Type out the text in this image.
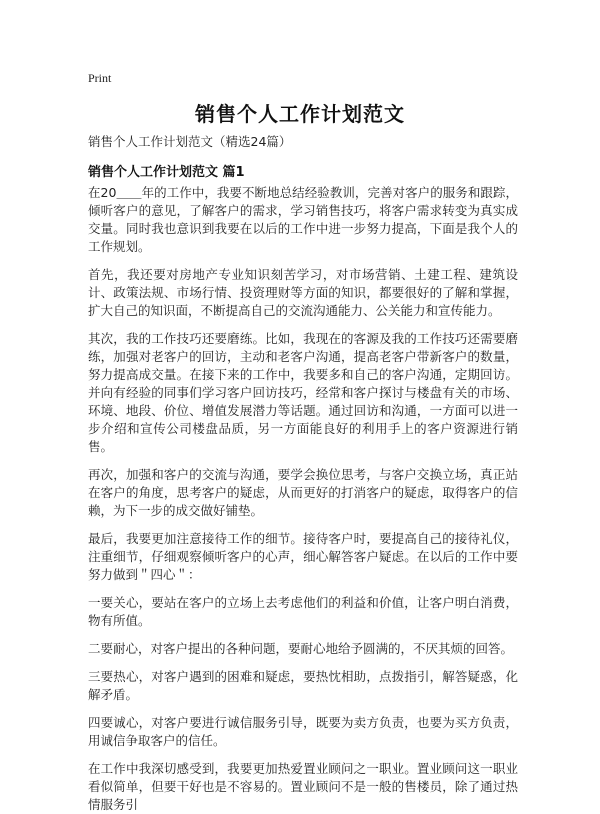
Print
销售个人工作计划范文
销售个人工作计划范文（精选24篇）
销售个人工作计划范文 篇1

在20＿＿年的工作中，我要不断地总结经验教训，完善对客户的服务和跟踪，倾听客户的意见，了解客户的需求，学习销售技巧，将客户需求转变为真实成交量。同时我也意识到我要在以后的工作中进一步努力提高，下面是我个人的工作规划。

首先，我还要对房地产专业知识刻苦学习，对市场营销、土建工程、建筑设计、政策法规、市场行情、投资理财等方面的知识，都要很好的了解和掌握，扩大自己的知识面，不断提高自己的交流沟通能力、公关能力和宣传能力。

其次，我的工作技巧还要磨练。比如，我现在的客源及我的工作技巧还需要磨练，加强对老客户的回访，主动和老客户沟通，提高老客户带新客户的数量，努力提高成交量。在接下来的工作中，我要多和自己的客户沟通，定期回访。并向有经验的同事们学习客户回访技巧，经常和客户探讨与楼盘有关的市场、环境、地段、价位、增值发展潜力等话题。通过回访和沟通，一方面可以进一步介绍和宣传公司楼盘品质，另一方面能良好的利用手上的客户资源进行销售。

再次，加强和客户的交流与沟通，要学会换位思考，与客户交换立场，真正站在客户的角度，思考客户的疑虑，从而更好的打消客户的疑虑，取得客户的信赖，为下一步的成交做好铺垫。

最后，我要更加注意接待工作的细节。接待客户时，要提高自己的接待礼仪，注重细节，仔细观察倾听客户的心声，细心解答客户疑虑。在以后的工作中要努力做到＂四心＂：

一要关心，要站在客户的立场上去考虑他们的利益和价值，让客户明白消费，物有所值。

二要耐心，对客户提出的各种问题，要耐心地给予圆满的，不厌其烦的回答。

三要热心，对客户遇到的困难和疑虑，要热忱相助，点拨指引，解答疑惑，化解矛盾。

四要诚心，对客户要进行诚信服务引导，既要为卖方负责，也要为买方负责，用诚信争取客户的信任。

在工作中我深切感受到，我要更加热爱置业顾问之一职业。置业顾问这一职业看似简单，但要干好也是不容易的。置业顾问不是一般的售楼员，除了通过热情服务引
